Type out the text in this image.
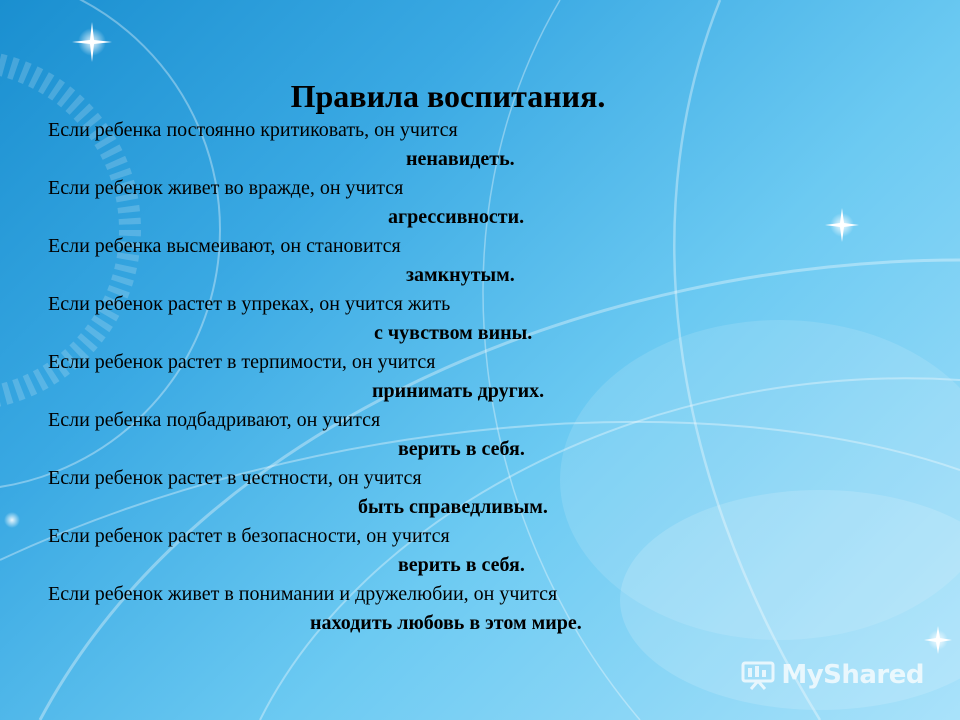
Правила воспитания.
Если ребенка постоянно критиковать, он учится
ненавидеть.
Если ребенок живет во вражде, он учится
агрессивности.
Если ребенка высмеивают, он становится
замкнутым.
Если ребенок растет в упреках, он учится жить
с чувством вины.
Если ребенок растет в терпимости, он учится
принимать других.
Если ребенка подбадривают, он учится
верить в себя.
Если ребенок растет в честности, он учится
быть справедливым.
Если ребенок растет в безопасности, он учится
верить в себя.
Если ребенок живет в понимании и дружелюбии, он учится
находить любовь в этом мире.
MyShared
